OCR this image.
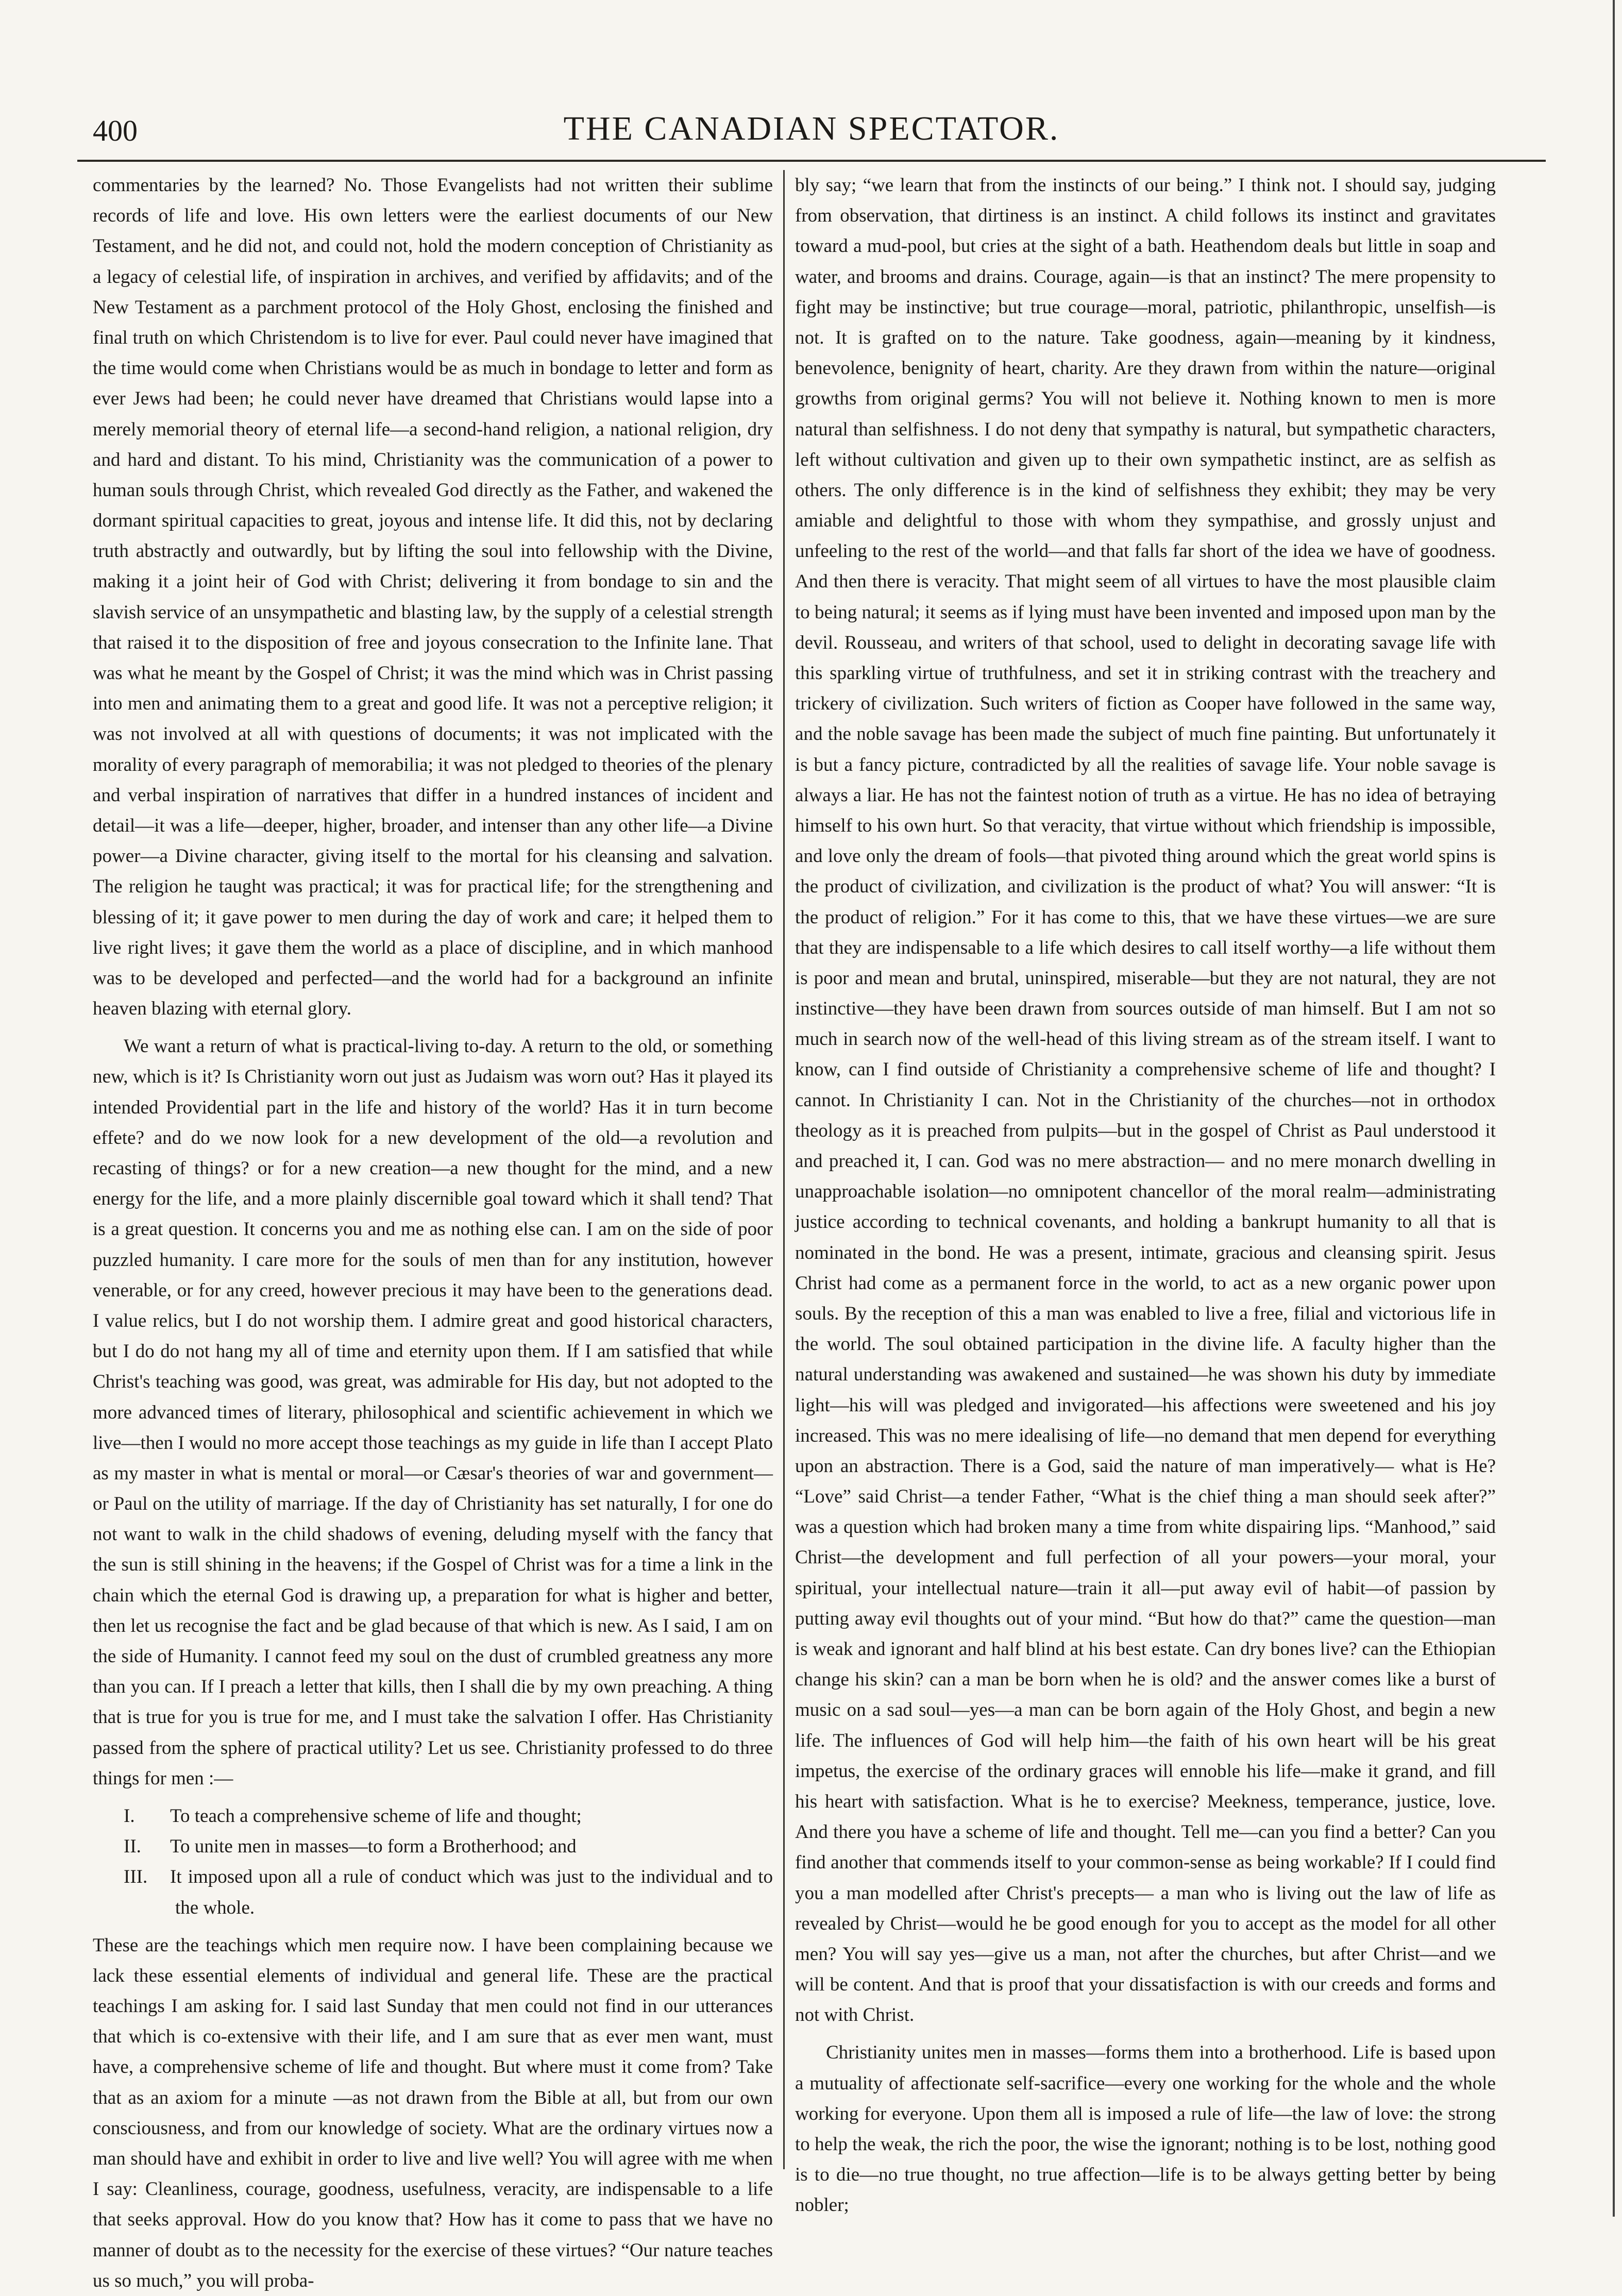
400	THE CANADIAN SPECTATOR.

commentaries by the learned? No. Those Evangelists had not written their sublime records of life and love. His own letters were the earliest documents of our New Testament, and he did not, and could not, hold the modern conception of Christianity as a legacy of celestial life, of inspiration in archives, and verified by affidavits; and of the New Testament as a parchment protocol of the Holy Ghost, enclosing the finished and final truth on which Christendom is to live for ever. Paul could never have imagined that the time would come when Christians would be as much in bondage to letter and form as ever Jews had been; he could never have dreamed that Christians would lapse into a merely memorial theory of eternal life—a second-hand religion, a national religion, dry and hard and distant. To his mind, Christianity was the communication of a power to human souls through Christ, which revealed God directly as the Father, and wakened the dormant spiritual capacities to great, joyous and intense life. It did this, not by declaring truth abstractly and outwardly, but by lifting the soul into fellowship with the Divine, making it a joint heir of God with Christ; delivering it from bondage to sin and the slavish service of an unsympathetic and blasting law, by the supply of a celestial strength that raised it to the disposition of free and joyous consecration to the Infinite lane. That was what he meant by the Gospel of Christ; it was the mind which was in Christ passing into men and animating them to a great and good life. It was not a perceptive religion; it was not involved at all with questions of documents; it was not implicated with the morality of every paragraph of memorabilia; it was not pledged to theories of the plenary and verbal inspiration of narratives that differ in a hundred instances of incident and detail—it was a life—deeper, higher, broader, and intenser than any other life—a Divine power—a Divine character, giving itself to the mortal for his cleansing and salvation. The religion he taught was practical; it was for practical life; for the strengthening and blessing of it; it gave power to men during the day of work and care; it helped them to live right lives; it gave them the world as a place of discipline, and in which manhood was to be developed and perfected—and the world had for a background an infinite heaven blazing with eternal glory.

We want a return of what is practical-living to-day. A return to the old, or something new, which is it? Is Christianity worn out just as Judaism was worn out? Has it played its intended Providential part in the life and history of the world? Has it in turn become effete? and do we now look for a new development of the old—a revolution and recasting of things? or for a new creation—a new thought for the mind, and a new energy for the life, and a more plainly discernible goal toward which it shall tend? That is a great question. It concerns you and me as nothing else can. I am on the side of poor puzzled humanity. I care more for the souls of men than for any institution, however venerable, or for any creed, however precious it may have been to the generations dead. I value relics, but I do not worship them. I admire great and good historical characters, but I do do not hang my all of time and eternity upon them. If I am satisfied that while Christ's teaching was good, was great, was admirable for His day, but not adopted to the more advanced times of literary, philosophical and scientific achievement in which we live—then I would no more accept those teachings as my guide in life than I accept Plato as my master in what is mental or moral—or Cæsar's theories of war and government—or Paul on the utility of marriage. If the day of Christianity has set naturally, I for one do not want to walk in the child shadows of evening, deluding myself with the fancy that the sun is still shining in the heavens; if the Gospel of Christ was for a time a link in the chain which the eternal God is drawing up, a preparation for what is higher and better, then let us recognise the fact and be glad because of that which is new. As I said, I am on the side of Humanity. I cannot feed my soul on the dust of crumbled greatness any more than you can. If I preach a letter that kills, then I shall die by my own preaching. A thing that is true for you is true for me, and I must take the salvation I offer. Has Christianity passed from the sphere of practical utility? Let us see. Christianity professed to do three things for men :—

I. To teach a comprehensive scheme of life and thought;
II. To unite men in masses—to form a Brotherhood; and
III. It imposed upon all a rule of conduct which was just to the individual and to the whole.

These are the teachings which men require now. I have been complaining because we lack these essential elements of individual and general life. These are the practical teachings I am asking for. I said last Sunday that men could not find in our utterances that which is co-extensive with their life, and I am sure that as ever men want, must have, a comprehensive scheme of life and thought. But where must it come from? Take that as an axiom for a minute —as not drawn from the Bible at all, but from our own consciousness, and from our knowledge of society. What are the ordinary virtues now a man should have and exhibit in order to live and live well? You will agree with me when I say: Cleanliness, courage, goodness, usefulness, veracity, are indispensable to a life that seeks approval. How do you know that? How has it come to pass that we have no manner of doubt as to the necessity for the exercise of these virtues? “Our nature teaches us so much,” you will proba-

bly say; “we learn that from the instincts of our being.” I think not. I should say, judging from observation, that dirtiness is an instinct. A child follows its instinct and gravitates toward a mud-pool, but cries at the sight of a bath. Heathendom deals but little in soap and water, and brooms and drains. Courage, again—is that an instinct? The mere propensity to fight may be instinctive; but true courage—moral, patriotic, philanthropic, unselfish—is not. It is grafted on to the nature. Take goodness, again—meaning by it kindness, benevolence, benignity of heart, charity. Are they drawn from within the nature—original growths from original germs? You will not believe it. Nothing known to men is more natural than selfishness. I do not deny that sympathy is natural, but sympathetic characters, left without cultivation and given up to their own sympathetic instinct, are as selfish as others. The only difference is in the kind of selfishness they exhibit; they may be very amiable and delightful to those with whom they sympathise, and grossly unjust and unfeeling to the rest of the world—and that falls far short of the idea we have of goodness. And then there is veracity. That might seem of all virtues to have the most plausible claim to being natural; it seems as if lying must have been invented and imposed upon man by the devil. Rousseau, and writers of that school, used to delight in decorating savage life with this sparkling virtue of truthfulness, and set it in striking contrast with the treachery and trickery of civilization. Such writers of fiction as Cooper have followed in the same way, and the noble savage has been made the subject of much fine painting. But unfortunately it is but a fancy picture, contradicted by all the realities of savage life. Your noble savage is always a liar. He has not the faintest notion of truth as a virtue. He has no idea of betraying himself to his own hurt. So that veracity, that virtue without which friendship is impossible, and love only the dream of fools—that pivoted thing around which the great world spins is the product of civilization, and civilization is the product of what? You will answer: “It is the product of religion.” For it has come to this, that we have these virtues—we are sure that they are indispensable to a life which desires to call itself worthy—a life without them is poor and mean and brutal, uninspired, miserable—but they are not natural, they are not instinctive—they have been drawn from sources outside of man himself. But I am not so much in search now of the well-head of this living stream as of the stream itself. I want to know, can I find outside of Christianity a comprehensive scheme of life and thought? I cannot. In Christianity I can. Not in the Christianity of the churches—not in orthodox theology as it is preached from pulpits—but in the gospel of Christ as Paul understood it and preached it, I can. God was no mere abstraction— and no mere monarch dwelling in unapproachable isolation—no omnipotent chancellor of the moral realm—administrating justice according to technical covenants, and holding a bankrupt humanity to all that is nominated in the bond. He was a present, intimate, gracious and cleansing spirit. Jesus Christ had come as a permanent force in the world, to act as a new organic power upon souls. By the reception of this a man was enabled to live a free, filial and victorious life in the world. The soul obtained participation in the divine life. A faculty higher than the natural understanding was awakened and sustained—he was shown his duty by immediate light—his will was pledged and invigorated—his affections were sweetened and his joy increased. This was no mere idealising of life—no demand that men depend for everything upon an abstraction. There is a God, said the nature of man imperatively— what is He? “Love” said Christ—a tender Father, “What is the chief thing a man should seek after?” was a question which had broken many a time from white dispairing lips. “Manhood,” said Christ—the development and full perfection of all your powers—your moral, your spiritual, your intellectual nature—train it all—put away evil of habit—of passion by putting away evil thoughts out of your mind. “But how do that?” came the question—man is weak and ignorant and half blind at his best estate. Can dry bones live? can the Ethiopian change his skin? can a man be born when he is old? and the answer comes like a burst of music on a sad soul—yes—a man can be born again of the Holy Ghost, and begin a new life. The influences of God will help him—the faith of his own heart will be his great impetus, the exercise of the ordinary graces will ennoble his life—make it grand, and fill his heart with satisfaction. What is he to exercise? Meekness, temperance, justice, love. And there you have a scheme of life and thought. Tell me—can you find a better? Can you find another that commends itself to your common-sense as being workable? If I could find you a man modelled after Christ's precepts— a man who is living out the law of life as revealed by Christ—would he be good enough for you to accept as the model for all other men? You will say yes—give us a man, not after the churches, but after Christ—and we will be content. And that is proof that your dissatisfaction is with our creeds and forms and not with Christ.

Christianity unites men in masses—forms them into a brotherhood. Life is based upon a mutuality of affectionate self-sacrifice—every one working for the whole and the whole working for everyone. Upon them all is imposed a rule of life—the law of love: the strong to help the weak, the rich the poor, the wise the ignorant; nothing is to be lost, nothing good is to die—no true thought, no true affection—life is to be always getting better by being nobler;
